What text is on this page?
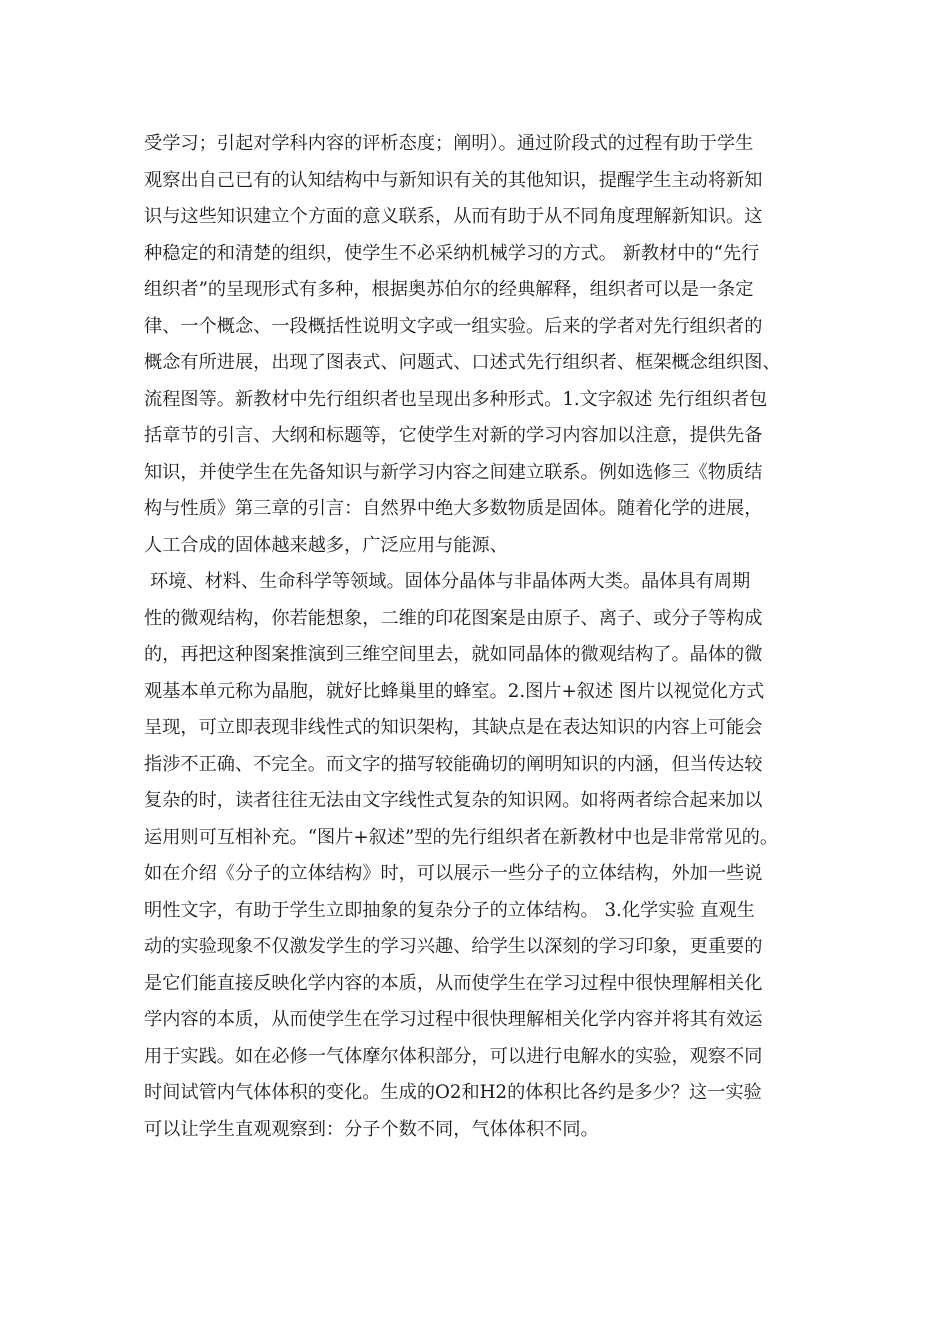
受学习；引起对学科内容的评析态度；阐明）。通过阶段式的过程有助于学生
观察出自己已有的认知结构中与新知识有关的其他知识，提醒学生主动将新知
识与这些知识建立个方面的意义联系，从而有助于从不同角度理解新知识。这
种稳定的和清楚的组织，使学生不必采纳机械学习的方式。 新教材中的“先行
组织者”的呈现形式有多种，根据奥苏伯尔的经典解释，组织者可以是一条定
律、一个概念、一段概括性说明文字或一组实验。后来的学者对先行组织者的
概念有所进展，出现了图表式、问题式、口述式先行组织者、框架概念组织图、
流程图等。新教材中先行组织者也呈现出多种形式。1.文字叙述 先行组织者包
括章节的引言、大纲和标题等，它使学生对新的学习内容加以注意，提供先备
知识，并使学生在先备知识与新学习内容之间建立联系。例如选修三《物质结
构与性质》第三章的引言：自然界中绝大多数物质是固体。随着化学的进展，
人工合成的固体越来越多，广泛应用与能源、
环境、材料、生命科学等领域。固体分晶体与非晶体两大类。晶体具有周期
性的微观结构，你若能想象，二维的印花图案是由原子、离子、或分子等构成
的，再把这种图案推演到三维空间里去，就如同晶体的微观结构了。晶体的微
观基本单元称为晶胞，就好比蜂巢里的蜂室。2.图片+叙述 图片以视觉化方式
呈现，可立即表现非线性式的知识架构，其缺点是在表达知识的内容上可能会
指涉不正确、不完全。而文字的描写较能确切的阐明知识的内涵，但当传达较
复杂的时，读者往往无法由文字线性式复杂的知识网。如将两者综合起来加以
运用则可互相补充。“图片+叙述”型的先行组织者在新教材中也是非常常见的。
如在介绍《分子的立体结构》时，可以展示一些分子的立体结构，外加一些说
明性文字，有助于学生立即抽象的复杂分子的立体结构。 3.化学实验 直观生
动的实验现象不仅激发学生的学习兴趣、给学生以深刻的学习印象，更重要的
是它们能直接反映化学内容的本质，从而使学生在学习过程中很快理解相关化
学内容的本质，从而使学生在学习过程中很快理解相关化学内容并将其有效运
用于实践。如在必修一气体摩尔体积部分，可以进行电解水的实验，观察不同
时间试管内气体体积的变化。生成的O2和H2的体积比各约是多少？这一实验
可以让学生直观观察到：分子个数不同，气体体积不同。
